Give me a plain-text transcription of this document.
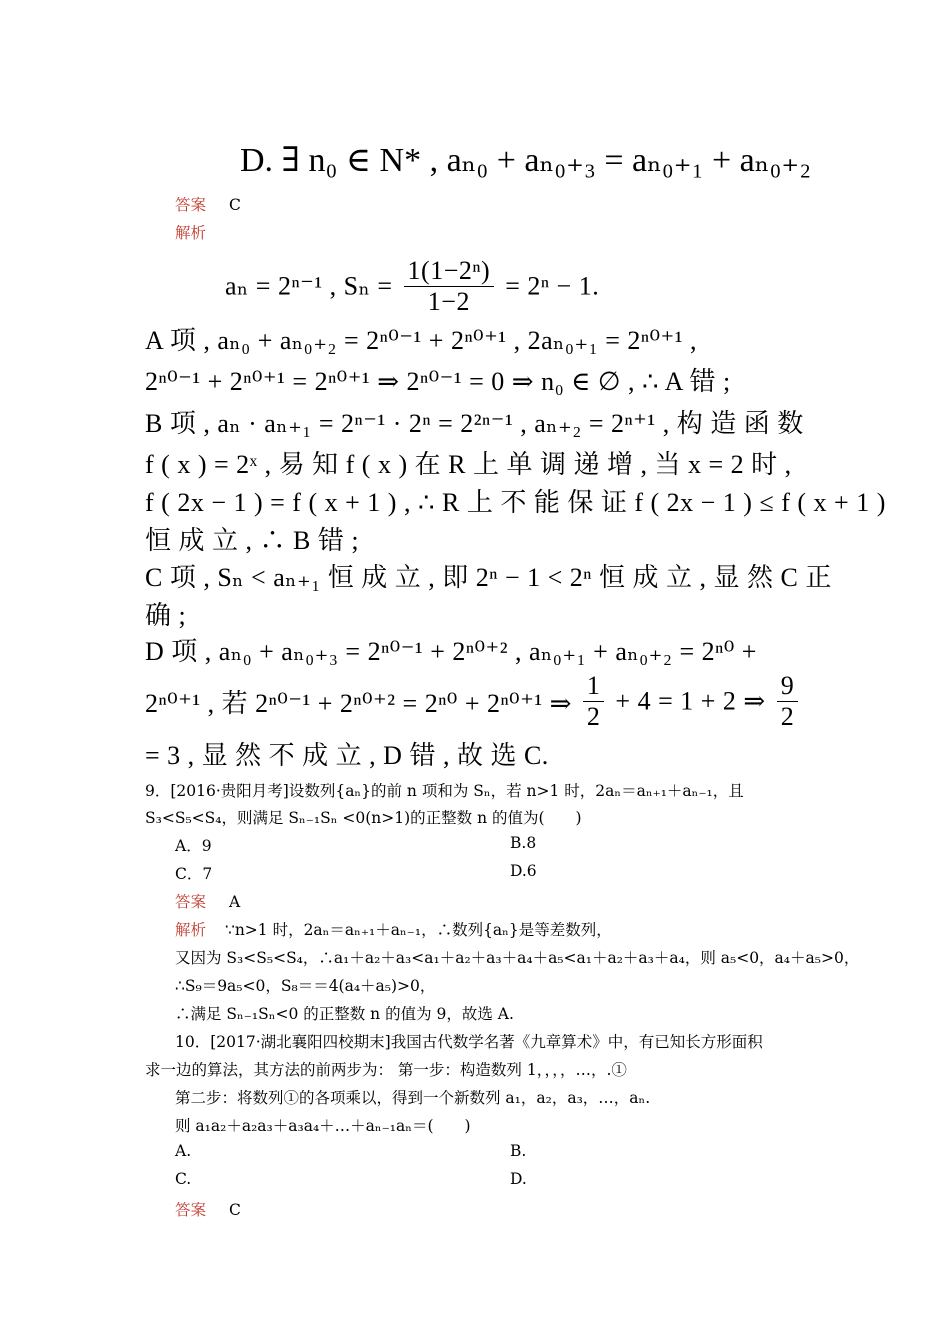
D. ∃ n₀ ∈ N* , aₙ₀ + aₙ₀₊₃ = aₙ₀₊₁ + aₙ₀₊₂
答案 C
解析
aₙ = 2ⁿ⁻¹ , $S_n = \frac{\text{1(1−2ⁿ)}}{1-2} = 2^n - 1$.
A 项 , aₙ₀ + aₙ₀₊₂ = 2ⁿ⁰⁻¹ + 2ⁿ⁰⁺¹ , 2aₙ₀₊₁ = 2ⁿ⁰⁺¹ ,
2ⁿ⁰⁻¹ + 2ⁿ⁰⁺¹ = 2ⁿ⁰⁺¹ ⇒ 2ⁿ⁰⁻¹ = 0 ⇒ n₀ ∈ ∅ , ∴ A 错 ;
B 项 , aₙ · aₙ₊₁ = 2ⁿ⁻¹ · 2ⁿ = 2²ⁿ⁻¹ , aₙ₊₂ = 2ⁿ⁺¹ , 构 造 函 数
f ( x ) = 2ˣ , 易 知 f ( x ) 在 R 上 单 调 递 增 , 当 x = 2 时 ,
f ( 2x − 1 ) = f ( x + 1 ) , ∴ R 上 不 能 保 证 f ( 2x − 1 ) ≤ f ( x + 1 )
恒 成 立 , ∴ B 错 ;
C 项 , Sₙ < aₙ₊₁ 恒 成 立 , 即 2ⁿ − 1 < 2ⁿ 恒 成 立 , 显 然 C 正
确 ;
D 项 , aₙ₀ + aₙ₀₊₃ = 2ⁿ⁰⁻¹ + 2ⁿ⁰⁺² , aₙ₀₊₁ + aₙ₀₊₂ = 2ⁿ⁰ +
2ⁿ⁰⁺¹ , 若 2ⁿ⁰⁻¹ + 2ⁿ⁰⁺² = 2ⁿ⁰ + 2ⁿ⁰⁺¹ ⇒ $\frac{1}{2} + 4 = 1 + 2$ ⇒ $\frac{9}{2}$
= 3 , 显 然 不 成 立 , D 错 , 故 选 C.
9．[2016·贵阳月考]设数列{aₙ}的前 n 项和为 Sₙ，若 n>1 时，2aₙ＝aₙ₊₁＋aₙ₋₁，且
S₃<S₅<S₄，则满足 Sₙ₋₁Sₙ <0(n>1)的正整数 n 的值为(　　)
A．9	B.8
C．7	D.6
答案 A
解析 ∵n>1 时，2aₙ＝aₙ₊₁＋aₙ₋₁，∴数列{aₙ}是等差数列，
又因为 S₃<S₅<S₄，∴a₁＋a₂＋a₃<a₁＋a₂＋a₃＋a₄＋a₅<a₁＋a₂＋a₃＋a₄，则 a₅<0，a₄＋a₅>0，
∴S₉＝9a₅<0，S₈＝＝4(a₄＋a₅)>0，
∴满足 Sₙ₋₁Sₙ<0 的正整数 n 的值为 9，故选 A.
10．[2017·湖北襄阳四校期末]我国古代数学名著《九章算术》中，有已知长方形面积
求一边的算法，其方法的前两步为： 第一步：构造数列 1，，，，…，.①
第二步：将数列①的各项乘以，得到一个新数列 a₁，a₂，a₃，…，aₙ.
则 a₁a₂＋a₂a₃＋a₃a₄＋…＋aₙ₋₁aₙ＝(　　)
A.	B.
C.	D.
答案 C
